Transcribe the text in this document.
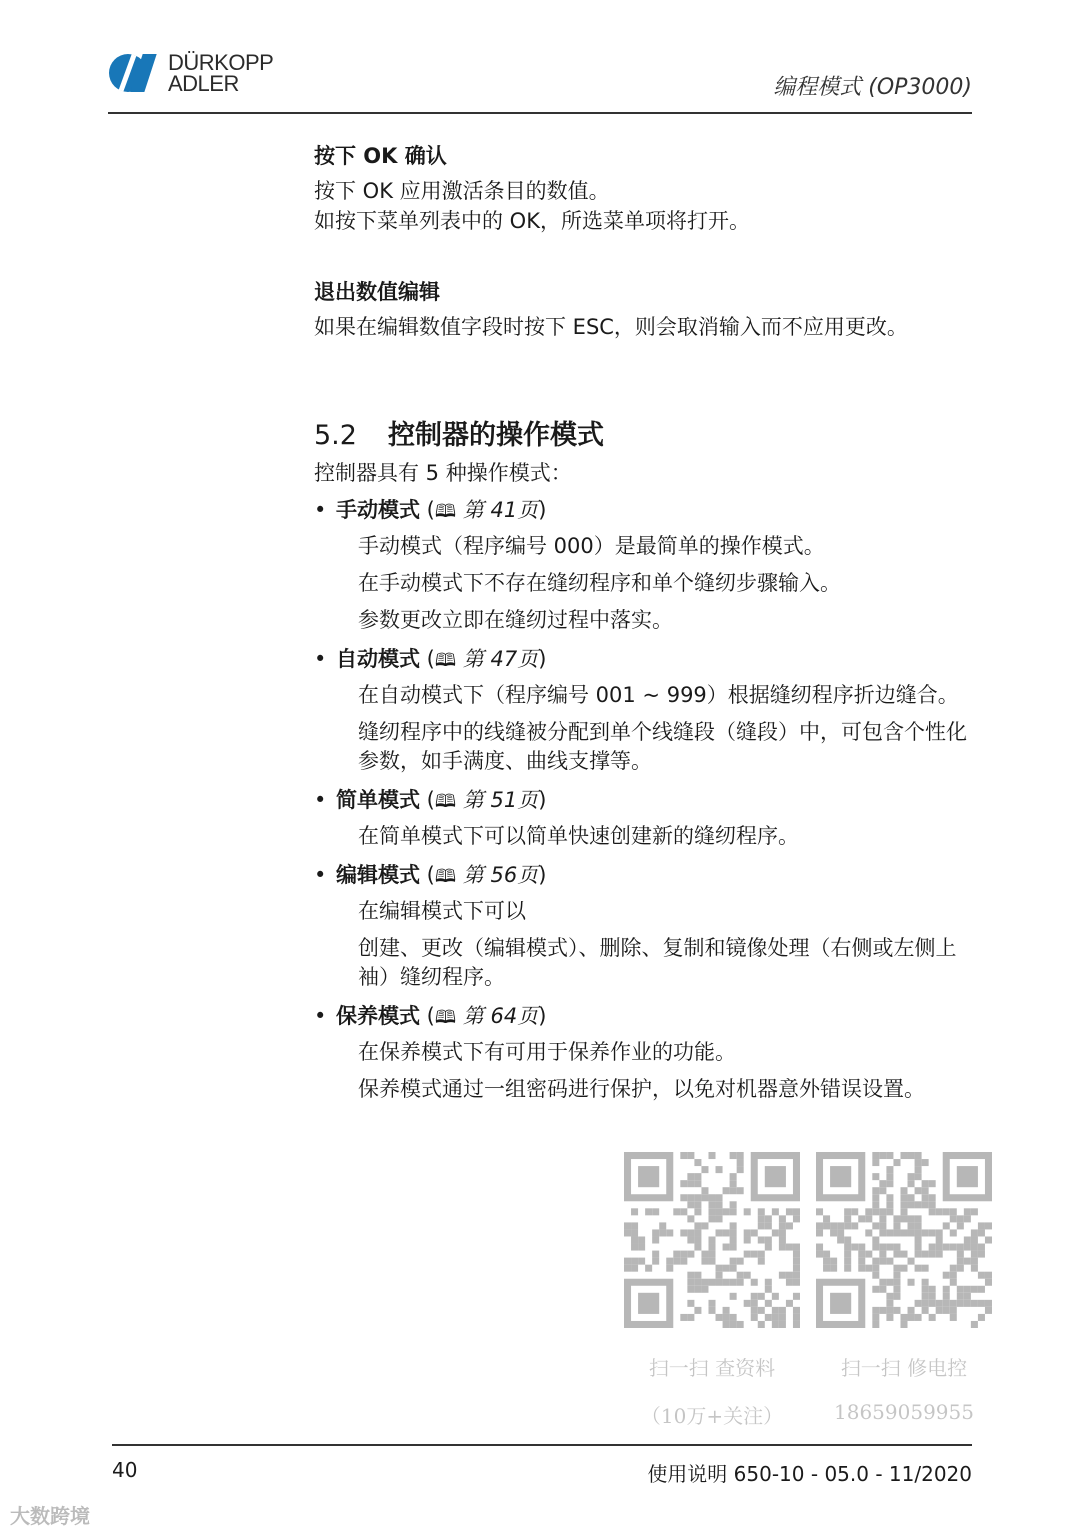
DÜRKOPP
ADLER	编程模式 (OP3000)

按下 OK 确认

按下 OK 应用激活条目的数值。

如按下菜单列表中的 OK，所选菜单项将打开。

退出数值编辑

如果在编辑数值字段时按下 ESC，则会取消输入而不应用更改。

5.2 控制器的操作模式

控制器具有 5 种操作模式：

• 手动模式 (🕮 第 41页)
手动模式（程序编号 000）是最简单的操作模式。
在手动模式下不存在缝纫程序和单个缝纫步骤输入。
参数更改立即在缝纫过程中落实。
• 自动模式 (🕮 第 47页)
在自动模式下（程序编号 001 ~ 999）根据缝纫程序折边缝合。
缝纫程序中的线缝被分配到单个线缝段（缝段）中，可包含个性化参数，如手满度、曲线支撑等。
• 简单模式 (🕮 第 51页)
在简单模式下可以简单快速创建新的缝纫程序。
• 编辑模式 (🕮 第 56页)
在编辑模式下可以
创建、更改（编辑模式）、删除、复制和镜像处理（右侧或左侧上袖）缝纫程序。
• 保养模式 (🕮 第 64页)
在保养模式下有可用于保养作业的功能。
保养模式通过一组密码进行保护，以免对机器意外错误设置。
扫一扫 查资料
（10万+关注）
扫一扫 修电控
18659059955
40	使用说明 650-10 - 05.0 - 11/2020
大数跨境
